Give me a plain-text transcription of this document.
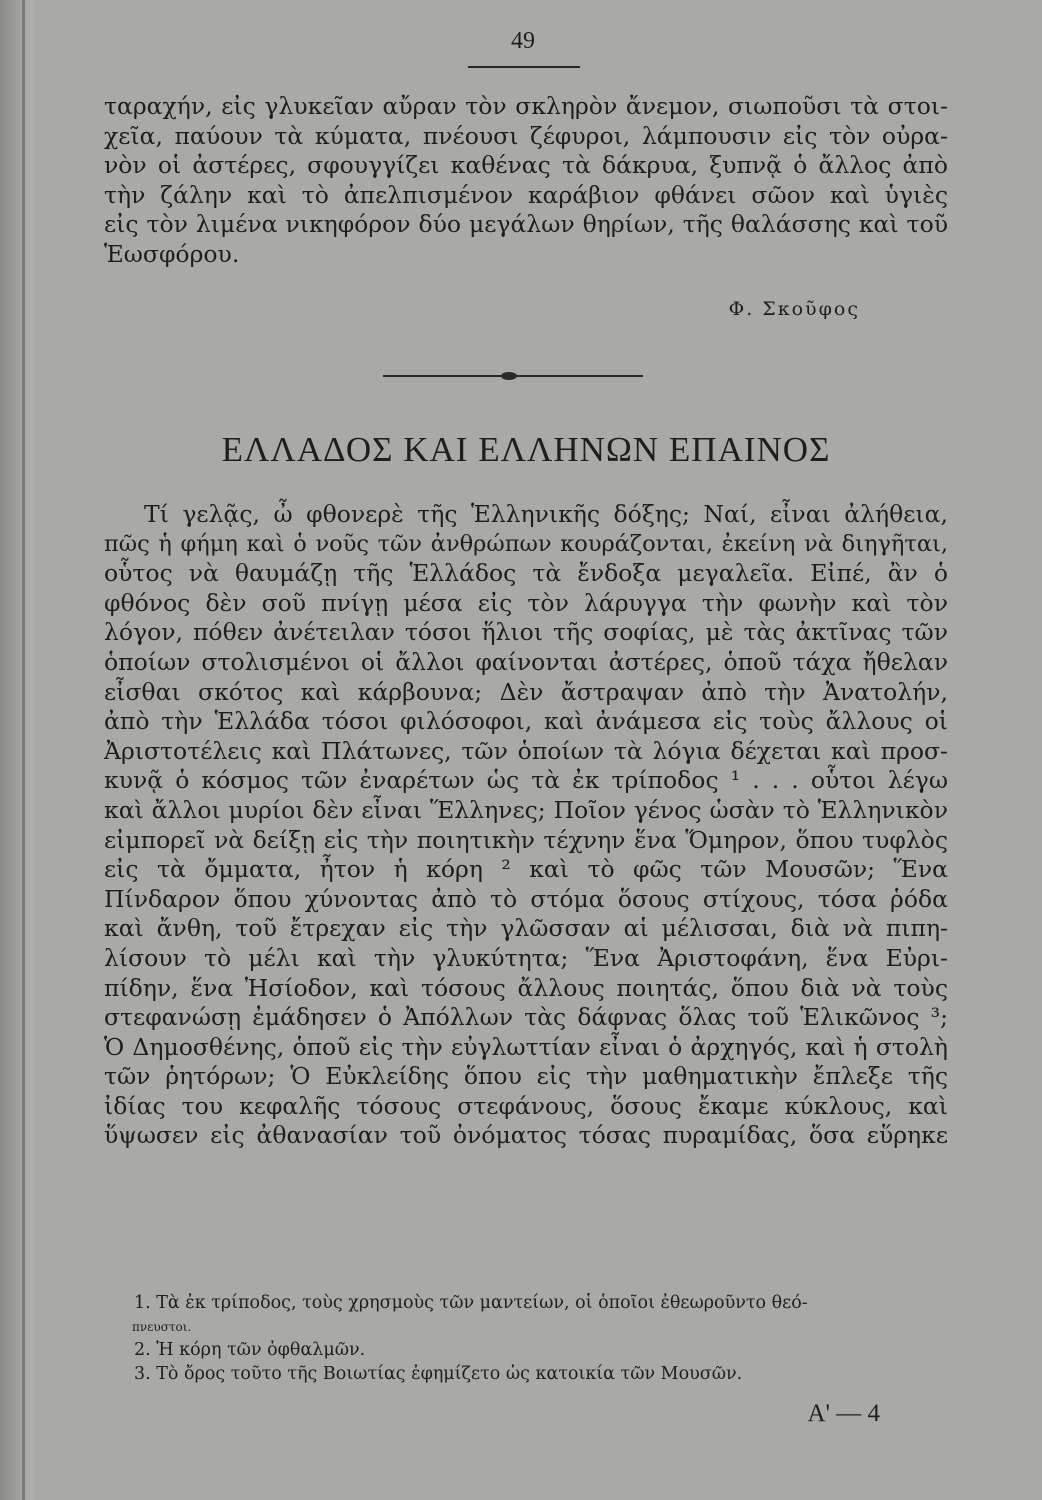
49
ταραχήν, εἰς γλυκεῖαν αὔραν τὸν σκληρὸν ἄνεμον, σιωποῦσι τὰ στοι-
χεῖα, παύουν τὰ κύματα, πνέουσι ζέφυροι, λάμπουσιν εἰς τὸν οὐρα-
νὸν οἱ ἀστέρες, σφουγγίζει καθένας τὰ δάκρυα, ξυπνᾷ ὁ ἄλλος ἀπὸ
τὴν ζάλην καὶ τὸ ἀπελπισμένον καράβιον φθάνει σῶον καὶ ὑγιὲς
εἰς τὸν λιμένα νικηφόρον δύο μεγάλων θηρίων, τῆς θαλάσσης καὶ τοῦ
Ἑωσφόρου.
Φ. Σκοῦφος
ΕΛΛΑΔΟΣ ΚΑΙ ΕΛΛΗΝΩΝ ΕΠΑΙΝΟΣ
Τί γελᾷς, ὦ φθονερὲ τῆς Ἑλληνικῆς δόξης; Ναί, εἶναι ἀλήθεια,
πῶς ἡ φήμη καὶ ὁ νοῦς τῶν ἀνθρώπων κουράζονται, ἐκείνη νὰ διηγῆται,
οὗτος νὰ θαυμάζῃ τῆς Ἑλλάδος τὰ ἔνδοξα μεγαλεῖα. Εἰπέ, ἂν ὁ
φθόνος δὲν σοῦ πνίγῃ μέσα εἰς τὸν λάρυγγα τὴν φωνὴν καὶ τὸν
λόγον, πόθεν ἀνέτειλαν τόσοι ἥλιοι τῆς σοφίας, μὲ τὰς ἀκτῖνας τῶν
ὁποίων στολισμένοι οἱ ἄλλοι φαίνονται ἀστέρες, ὁποῦ τάχα ἤθελαν
εἶσθαι σκότος καὶ κάρβουνα; Δὲν ἄστραψαν ἀπὸ τὴν Ἀνατολήν,
ἀπὸ τὴν Ἑλλάδα τόσοι φιλόσοφοι, καὶ ἀνάμεσα εἰς τοὺς ἄλλους οἱ
Ἀριστοτέλεις καὶ Πλάτωνες, τῶν ὁποίων τὰ λόγια δέχεται καὶ προσ-
κυνᾷ ὁ κόσμος τῶν ἐναρέτων ὡς τὰ ἐκ τρίποδος ¹ . . . οὗτοι λέγω
καὶ ἄλλοι μυρίοι δὲν εἶναι Ἕλληνες; Ποῖον γένος ὡσὰν τὸ Ἑλληνικὸν
εἰμπορεῖ νὰ δείξῃ εἰς τὴν ποιητικὴν τέχνην ἕνα Ὅμηρον, ὅπου τυφλὸς
εἰς τὰ ὄμματα, ἦτον ἡ κόρη ² καὶ τὸ φῶς τῶν Μουσῶν; Ἕνα
Πίνδαρον ὅπου χύνοντας ἀπὸ τὸ στόμα ὅσους στίχους, τόσα ῥόδα
καὶ ἄνθη, τοῦ ἔτρεχαν εἰς τὴν γλῶσσαν αἱ μέλισσαι, διὰ νὰ πιπη-
λίσουν τὸ μέλι καὶ τὴν γλυκύτητα; Ἕνα Ἀριστοφάνη, ἕνα Εὐρι-
πίδην, ἕνα Ἡσίοδον, καὶ τόσους ἄλλους ποιητάς, ὅπου διὰ νὰ τοὺς
στεφανώσῃ ἐμάδησεν ὁ Ἀπόλλων τὰς δάφνας ὅλας τοῦ Ἑλικῶνος ³;
Ὁ Δημοσθένης, ὁποῦ εἰς τὴν εὐγλωττίαν εἶναι ὁ ἀρχηγός, καὶ ἡ στολὴ
τῶν ῥητόρων; Ὁ Εὐκλείδης ὅπου εἰς τὴν μαθηματικὴν ἔπλεξε τῆς
ἰδίας του κεφαλῆς τόσους στεφάνους, ὅσους ἔκαμε κύκλους, καὶ
ὕψωσεν εἰς ἀθανασίαν τοῦ ὀνόματος τόσας πυραμίδας, ὅσα εὕρηκε
1. Τὰ ἐκ τρίποδος, τοὺς χρησμοὺς τῶν μαντείων, οἱ ὁποῖοι ἐθεωροῦντο θεό-
πνευστοι.
2. Ἡ κόρη τῶν ὀφθαλμῶν.
3. Τὸ ὄρος τοῦτο τῆς Βοιωτίας ἐφημίζετο ὡς κατοικία τῶν Μουσῶν.
Α' — 4
